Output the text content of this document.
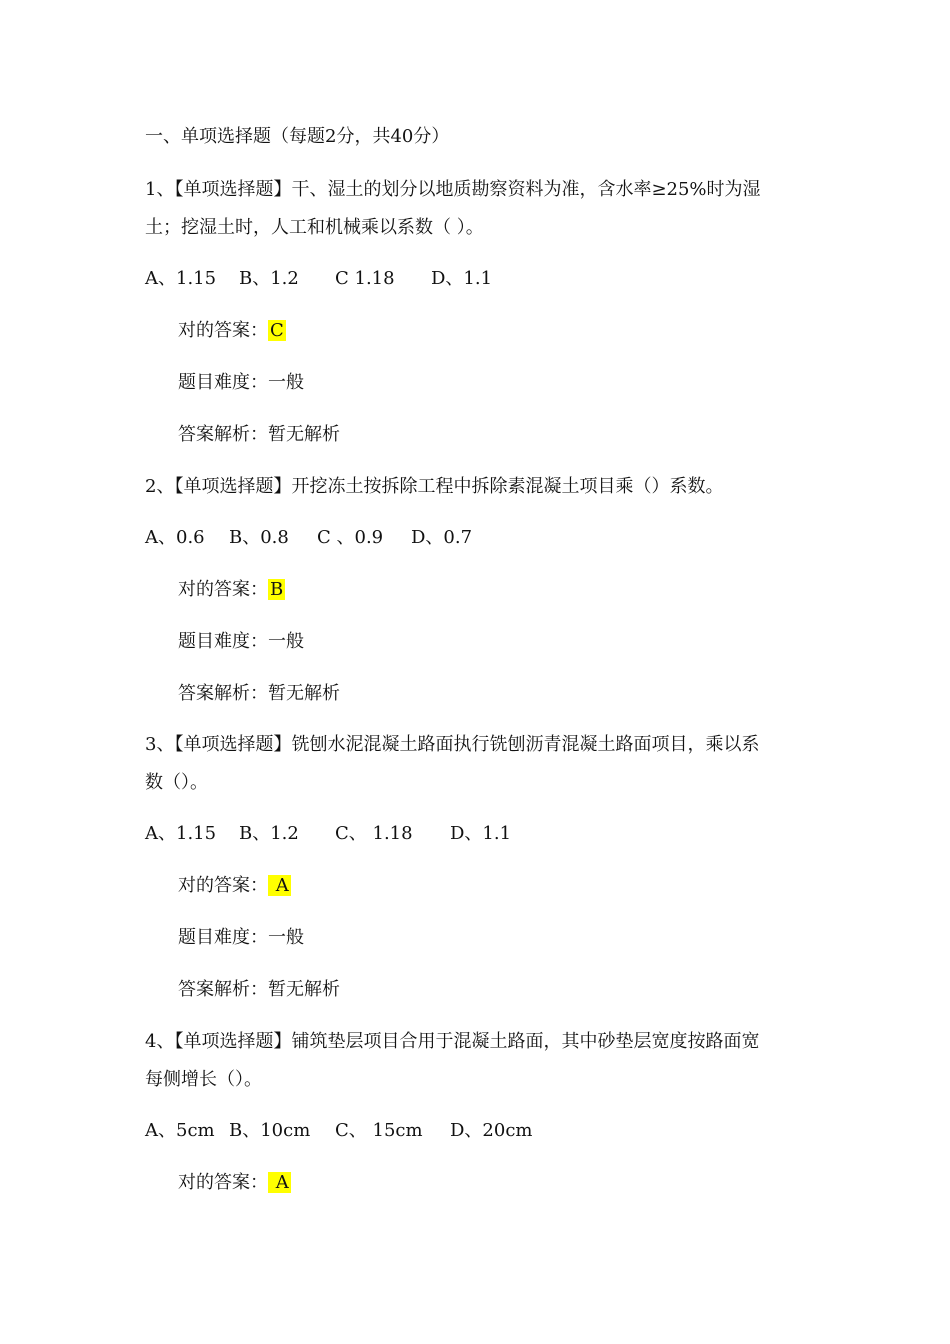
一、单项选择题（每题2分，共40分）
1、【单项选择题】干、湿土的划分以地质勘察资料为准，含水率≥25%时为湿
土；挖湿土时，人工和机械乘以系数（ ）。
A、1.15 B、1.2 C 1.18 D、1.1
对的答案： C
题目难度：一般
答案解析：暂无解析
2、【单项选择题】开挖冻土按拆除工程中拆除素混凝土项目乘（）系数。
A、0.6 B、0.8 C 、0.9 D、0.7
对的答案： B
题目难度：一般
答案解析：暂无解析
3、【单项选择题】铣刨水泥混凝土路面执行铣刨沥青混凝土路面项目，乘以系
数（）。
A、1.15 B、1.2 C、 1.18 D、1.1
对的答案： A
题目难度：一般
答案解析：暂无解析
4、【单项选择题】铺筑垫层项目合用于混凝土路面，其中砂垫层宽度按路面宽
每侧增长（）。
A、5cm B、10cm C、 15cm D、20cm
对的答案： A
